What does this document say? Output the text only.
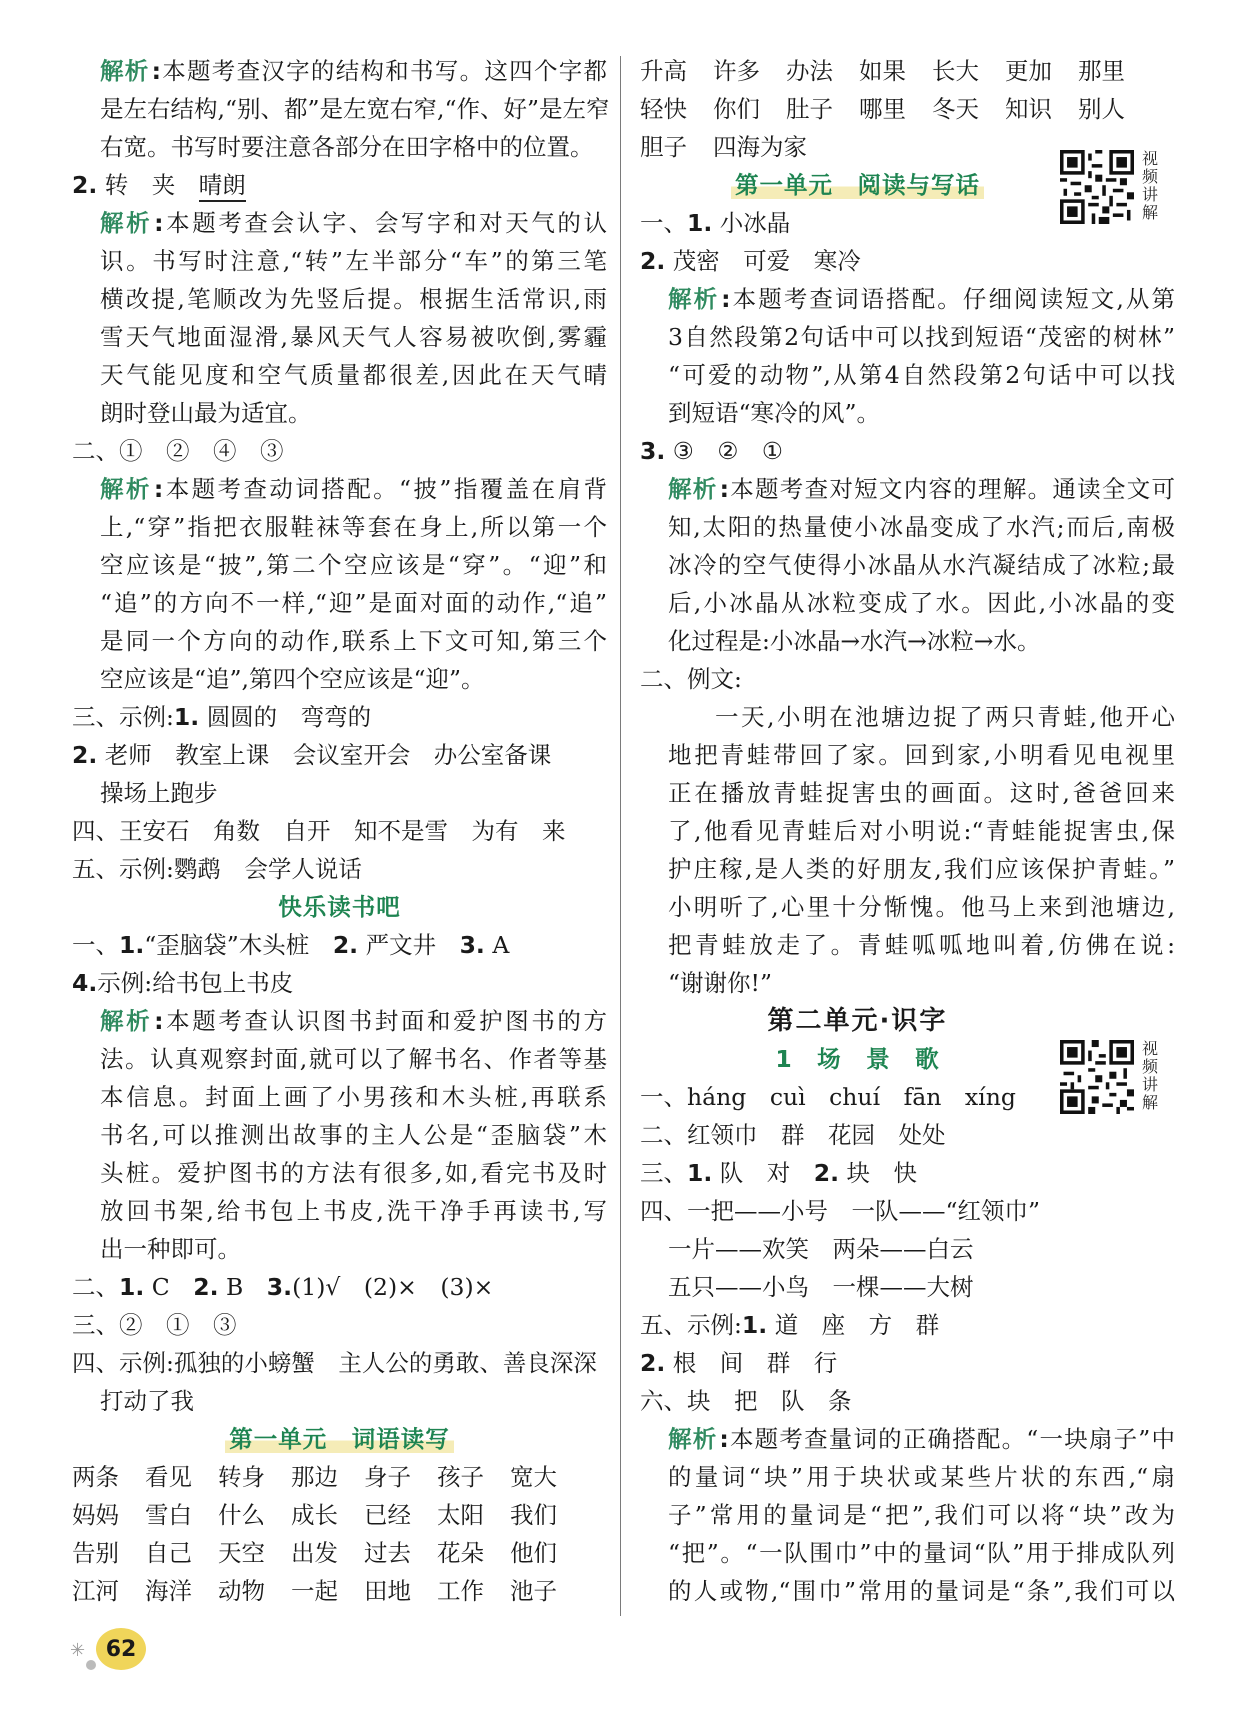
解析:本题考查汉字的结构和书写。这四个字都
是左右结构,“别、都”是左宽右窄,“作、好”是左窄
右宽。书写时要注意各部分在田字格中的位置。
2. 转　夹　晴朗
解析:本题考查会认字、会写字和对天气的认
识。书写时注意,“转”左半部分“车”的第三笔
横改提,笔顺改为先竖后提。根据生活常识,雨
雪天气地面湿滑,暴风天气人容易被吹倒,雾霾
天气能见度和空气质量都很差,因此在天气晴
朗时登山最为适宜。
二、①　②　④　③
解析:本题考查动词搭配。“披”指覆盖在肩背
上,“穿”指把衣服鞋袜等套在身上,所以第一个
空应该是“披”,第二个空应该是“穿”。“迎”和
“追”的方向不一样,“迎”是面对面的动作,“追”
是同一个方向的动作,联系上下文可知,第三个
空应该是“追”,第四个空应该是“迎”。
三、示例:1. 圆圆的　弯弯的
2. 老师　教室上课　会议室开会　办公室备课
操场上跑步
四、王安石　角数　自开　知不是雪　为有　来
五、示例:鹦鹉　会学人说话
快乐读书吧
一、1.“歪脑袋”木头桩　2. 严文井　3. A
4.示例:给书包上书皮
解析:本题考查认识图书封面和爱护图书的方
法。认真观察封面,就可以了解书名、作者等基
本信息。封面上画了小男孩和木头桩,再联系
书名,可以推测出故事的主人公是“歪脑袋”木
头桩。爱护图书的方法有很多,如,看完书及时
放回书架,给书包上书皮,洗干净手再读书,写
出一种即可。
二、1. C　2. B　3.(1)√　(2)×　(3)×
三、②　①　③
四、示例:孤独的小螃蟹　主人公的勇敢、善良深深
打动了我
第一单元　词语读写
两条	看见	转身	那边	身子	孩子	宽大
妈妈	雪白	什么	成长	已经	太阳	我们
告别	自己	天空	出发	过去	花朵	他们
江河	海洋	动物	一起	田地	工作	池子
升高	许多	办法	如果	长大	更加	那里
轻快	你们	肚子	哪里	冬天	知识	别人
胆子	四海为家
第一单元　阅读与写话
一、1. 小冰晶
2. 茂密　可爱　寒冷
解析:本题考查词语搭配。仔细阅读短文,从第
3自然段第2句话中可以找到短语“茂密的树林”
“可爱的动物”,从第4自然段第2句话中可以找
到短语“寒冷的风”。
3. ③　②　①
解析:本题考查对短文内容的理解。通读全文可
知,太阳的热量使小冰晶变成了水汽;而后,南极
冰冷的空气使得小冰晶从水汽凝结成了冰粒;最
后,小冰晶从冰粒变成了水。因此,小冰晶的变
化过程是:小冰晶→水汽→冰粒→水。
二、例文:
一天,小明在池塘边捉了两只青蛙,他开心
地把青蛙带回了家。回到家,小明看见电视里
正在播放青蛙捉害虫的画面。这时,爸爸回来
了,他看见青蛙后对小明说:“青蛙能捉害虫,保
护庄稼,是人类的好朋友,我们应该保护青蛙。”
小明听了,心里十分惭愧。他马上来到池塘边,
把青蛙放走了。青蛙呱呱地叫着,仿佛在说:
“谢谢你!”
第二单元·识字
1　场　景　歌
一、háng　cuì　chuí　fān　xíng
二、红领巾　群　花园　处处
三、1. 队　对　2. 块　快
四、一把——小号　一队——“红领巾”
一片——欢笑　两朵——白云
五只——小鸟　一棵——大树
五、示例:1. 道　座　方　群
2. 根　间　群　行
六、块　把　队　条
解析:本题考查量词的正确搭配。“一块扇子”中
的量词“块”用于块状或某些片状的东西,“扇
子”常用的量词是“把”,我们可以将“块”改为
“把”。“一队围巾”中的量词“队”用于排成队列
的人或物,“围巾”常用的量词是“条”,我们可以
视
频
讲
解
视
频
讲
解
✳ 62
